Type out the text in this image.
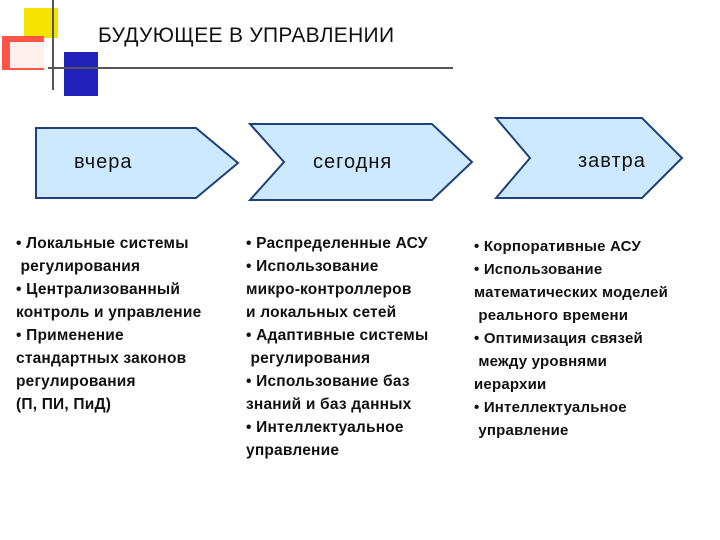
БУДУЮЩЕЕ В УПРАВЛЕНИИ
вчера	сегодня	завтра
• Локальные системы
регулирования
• Централизованный
контроль и управление
• Применение
стандартных законов
регулирования
(П, ПИ, ПиД)
• Распределенные АСУ
• Использование
микро-контроллеров
и локальных сетей
• Адаптивные системы
регулирования
• Использование баз
знаний и баз данных
• Интеллектуальное
управление
• Корпоративные АСУ
• Использование
математических моделей
реального времени
• Оптимизация связей
между уровнями
иерархии
• Интеллектуальное
управление
